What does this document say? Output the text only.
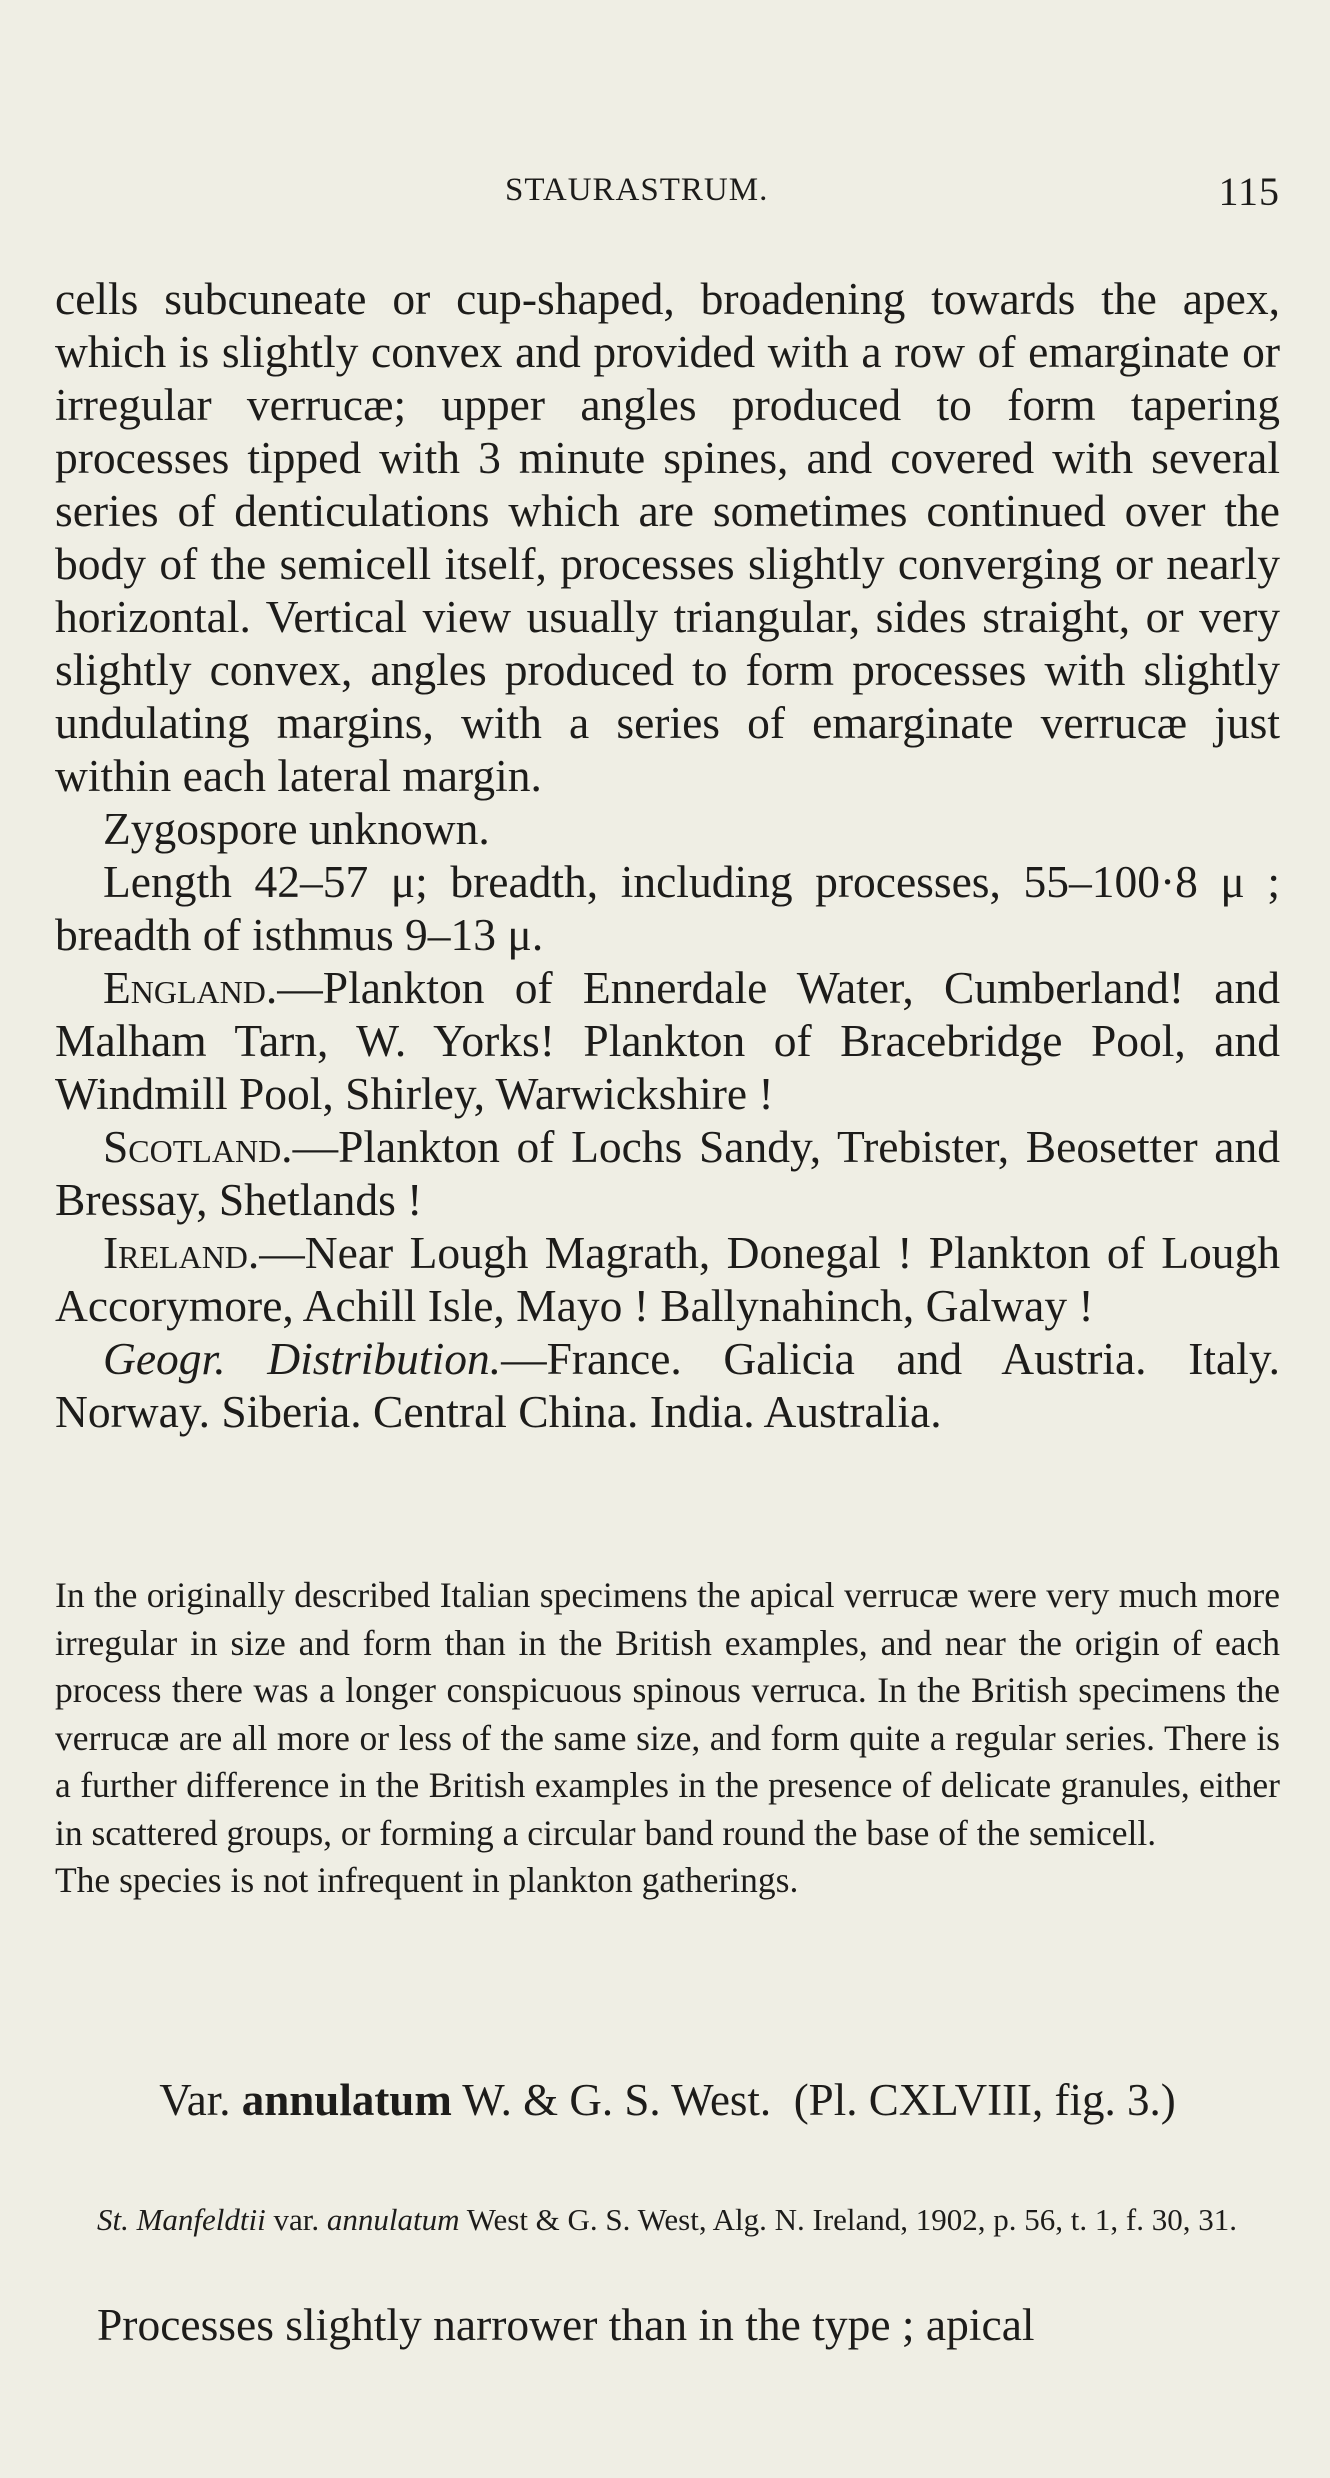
STAURASTRUM.	115

cells subcuneate or cup-shaped, broadening towards the apex, which is slightly convex and provided with a row of emarginate or irregular verrucæ; upper angles produced to form tapering processes tipped with 3 minute spines, and covered with several series of denticulations which are sometimes continued over the body of the semicell itself, processes slightly converging or nearly horizontal. Vertical view usually triangular, sides straight, or very slightly convex, angles produced to form processes with slightly undulating margins, with a series of emarginate verrucæ just within each lateral margin.

Zygospore unknown.

Length 42–57 μ; breadth, including processes, 55–100·8 μ ; breadth of isthmus 9–13 μ.

England.—Plankton of Ennerdale Water, Cumberland! and Malham Tarn, W. Yorks! Plankton of Bracebridge Pool, and Windmill Pool, Shirley, Warwickshire !

Scotland.—Plankton of Lochs Sandy, Trebister, Beosetter and Bressay, Shetlands !

Ireland.—Near Lough Magrath, Donegal ! Plankton of Lough Accorymore, Achill Isle, Mayo ! Ballynahinch, Galway !

Geogr. Distribution.—France. Galicia and Austria. Italy. Norway. Siberia. Central China. India. Australia.

In the originally described Italian specimens the apical verrucæ were very much more irregular in size and form than in the British examples, and near the origin of each process there was a longer conspicuous spinous verruca. In the British specimens the verrucæ are all more or less of the same size, and form quite a regular series. There is a further difference in the British examples in the presence of delicate granules, either in scattered groups, or forming a circular band round the base of the semicell.

The species is not infrequent in plankton gatherings.

Var. annulatum W. & G. S. West. (Pl. CXLVIII, fig. 3.)

St. Manfeldtii var. annulatum West & G. S. West, Alg. N. Ireland, 1902, p. 56, t. 1, f. 30, 31.

Processes slightly narrower than in the type ; apical
